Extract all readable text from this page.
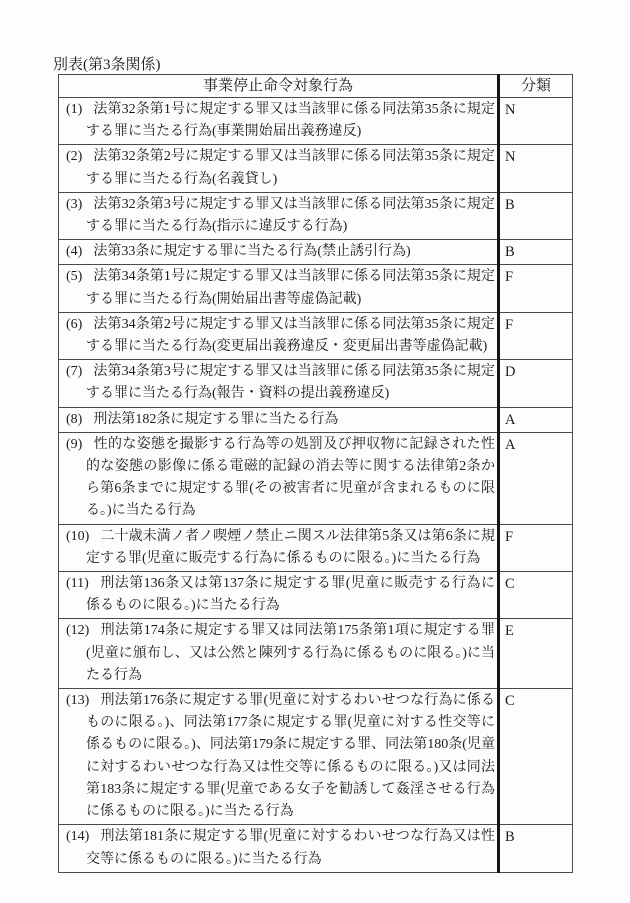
別表(第3条関係)
事業停止命令対象行為	分類

(1) 法第32条第1号に規定する罪又は当該罪に係る同法第35条に規定する罪に当たる行為(事業開始届出義務違反)	N

(2) 法第32条第2号に規定する罪又は当該罪に係る同法第35条に規定する罪に当たる行為(名義貸し)	N

(3) 法第32条第3号に規定する罪又は当該罪に係る同法第35条に規定する罪に当たる行為(指示に違反する行為)	B

(4) 法第33条に規定する罪に当たる行為(禁止誘引行為)	B

(5) 法第34条第1号に規定する罪又は当該罪に係る同法第35条に規定する罪に当たる行為(開始届出書等虚偽記載)	F

(6) 法第34条第2号に規定する罪又は当該罪に係る同法第35条に規定する罪に当たる行為(変更届出義務違反・変更届出書等虚偽記載)	F

(7) 法第34条第3号に規定する罪又は当該罪に係る同法第35条に規定する罪に当たる行為(報告・資料の提出義務違反)	D

(8) 刑法第182条に規定する罪に当たる行為	A

(9) 性的な姿態を撮影する行為等の処罰及び押収物に記録された性的な姿態の影像に係る電磁的記録の消去等に関する法律第2条から第6条までに規定する罪(その被害者に児童が含まれるものに限る。)に当たる行為	A

(10) 二十歳未満ノ者ノ喫煙ノ禁止ニ関スル法律第5条又は第6条に規定する罪(児童に販売する行為に係るものに限る。)に当たる行為	F

(11) 刑法第136条又は第137条に規定する罪(児童に販売する行為に係るものに限る。)に当たる行為	C

(12) 刑法第174条に規定する罪又は同法第175条第1項に規定する罪(児童に頒布し、又は公然と陳列する行為に係るものに限る。)に当たる行為	E

(13) 刑法第176条に規定する罪(児童に対するわいせつな行為に係るものに限る。)、同法第177条に規定する罪(児童に対する性交等に係るものに限る。)、同法第179条に規定する罪、同法第180条(児童に対するわいせつな行為又は性交等に係るものに限る。)又は同法第183条に規定する罪(児童である女子を勧誘して姦淫させる行為に係るものに限る。)に当たる行為	C

(14) 刑法第181条に規定する罪(児童に対するわいせつな行為又は性交等に係るものに限る。)に当たる行為	B
